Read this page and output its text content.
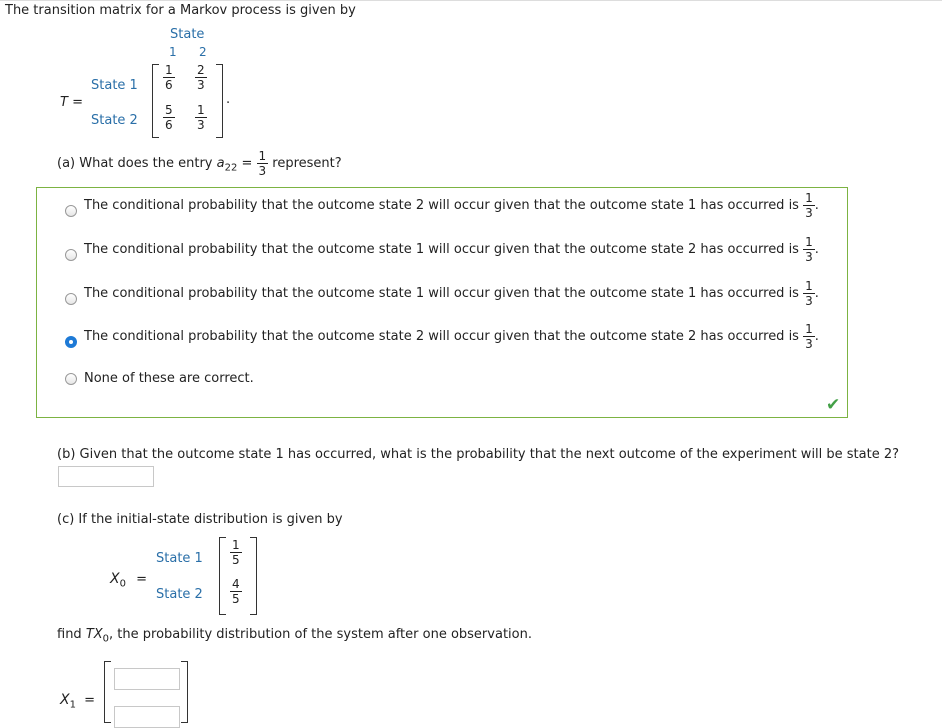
The transition matrix for a Markov process is given by
State
1 2
T =
State 1
State 2
$\frac{1}{6} \frac{2}{3}$
$\frac{5}{6} \frac{1}{3}$
.
(a) What does the entry $a_{22} = \frac{1}{3}$ represent?
The conditional probability that the outcome state 2 will occur given that the outcome state 1 has occurred is $\frac{1}{3}$ .
The conditional probability that the outcome state 1 will occur given that the outcome state 2 has occurred is $\frac{1}{3}$ .
The conditional probability that the outcome state 1 will occur given that the outcome state 1 has occurred is $\frac{1}{3}$ .
The conditional probability that the outcome state 2 will occur given that the outcome state 2 has occurred is $\frac{1}{3}$ .
None of these are correct.
✔
(b) Given that the outcome state 1 has occurred, what is the probability that the next outcome of the experiment will be state 2?
(c) If the initial-state distribution is given by
$X_0$ =
State 1
State 2
$\frac{1}{5}$
$\frac{4}{5}$
find $TX_0$, the probability distribution of the system after one observation.
$X_1$ =
